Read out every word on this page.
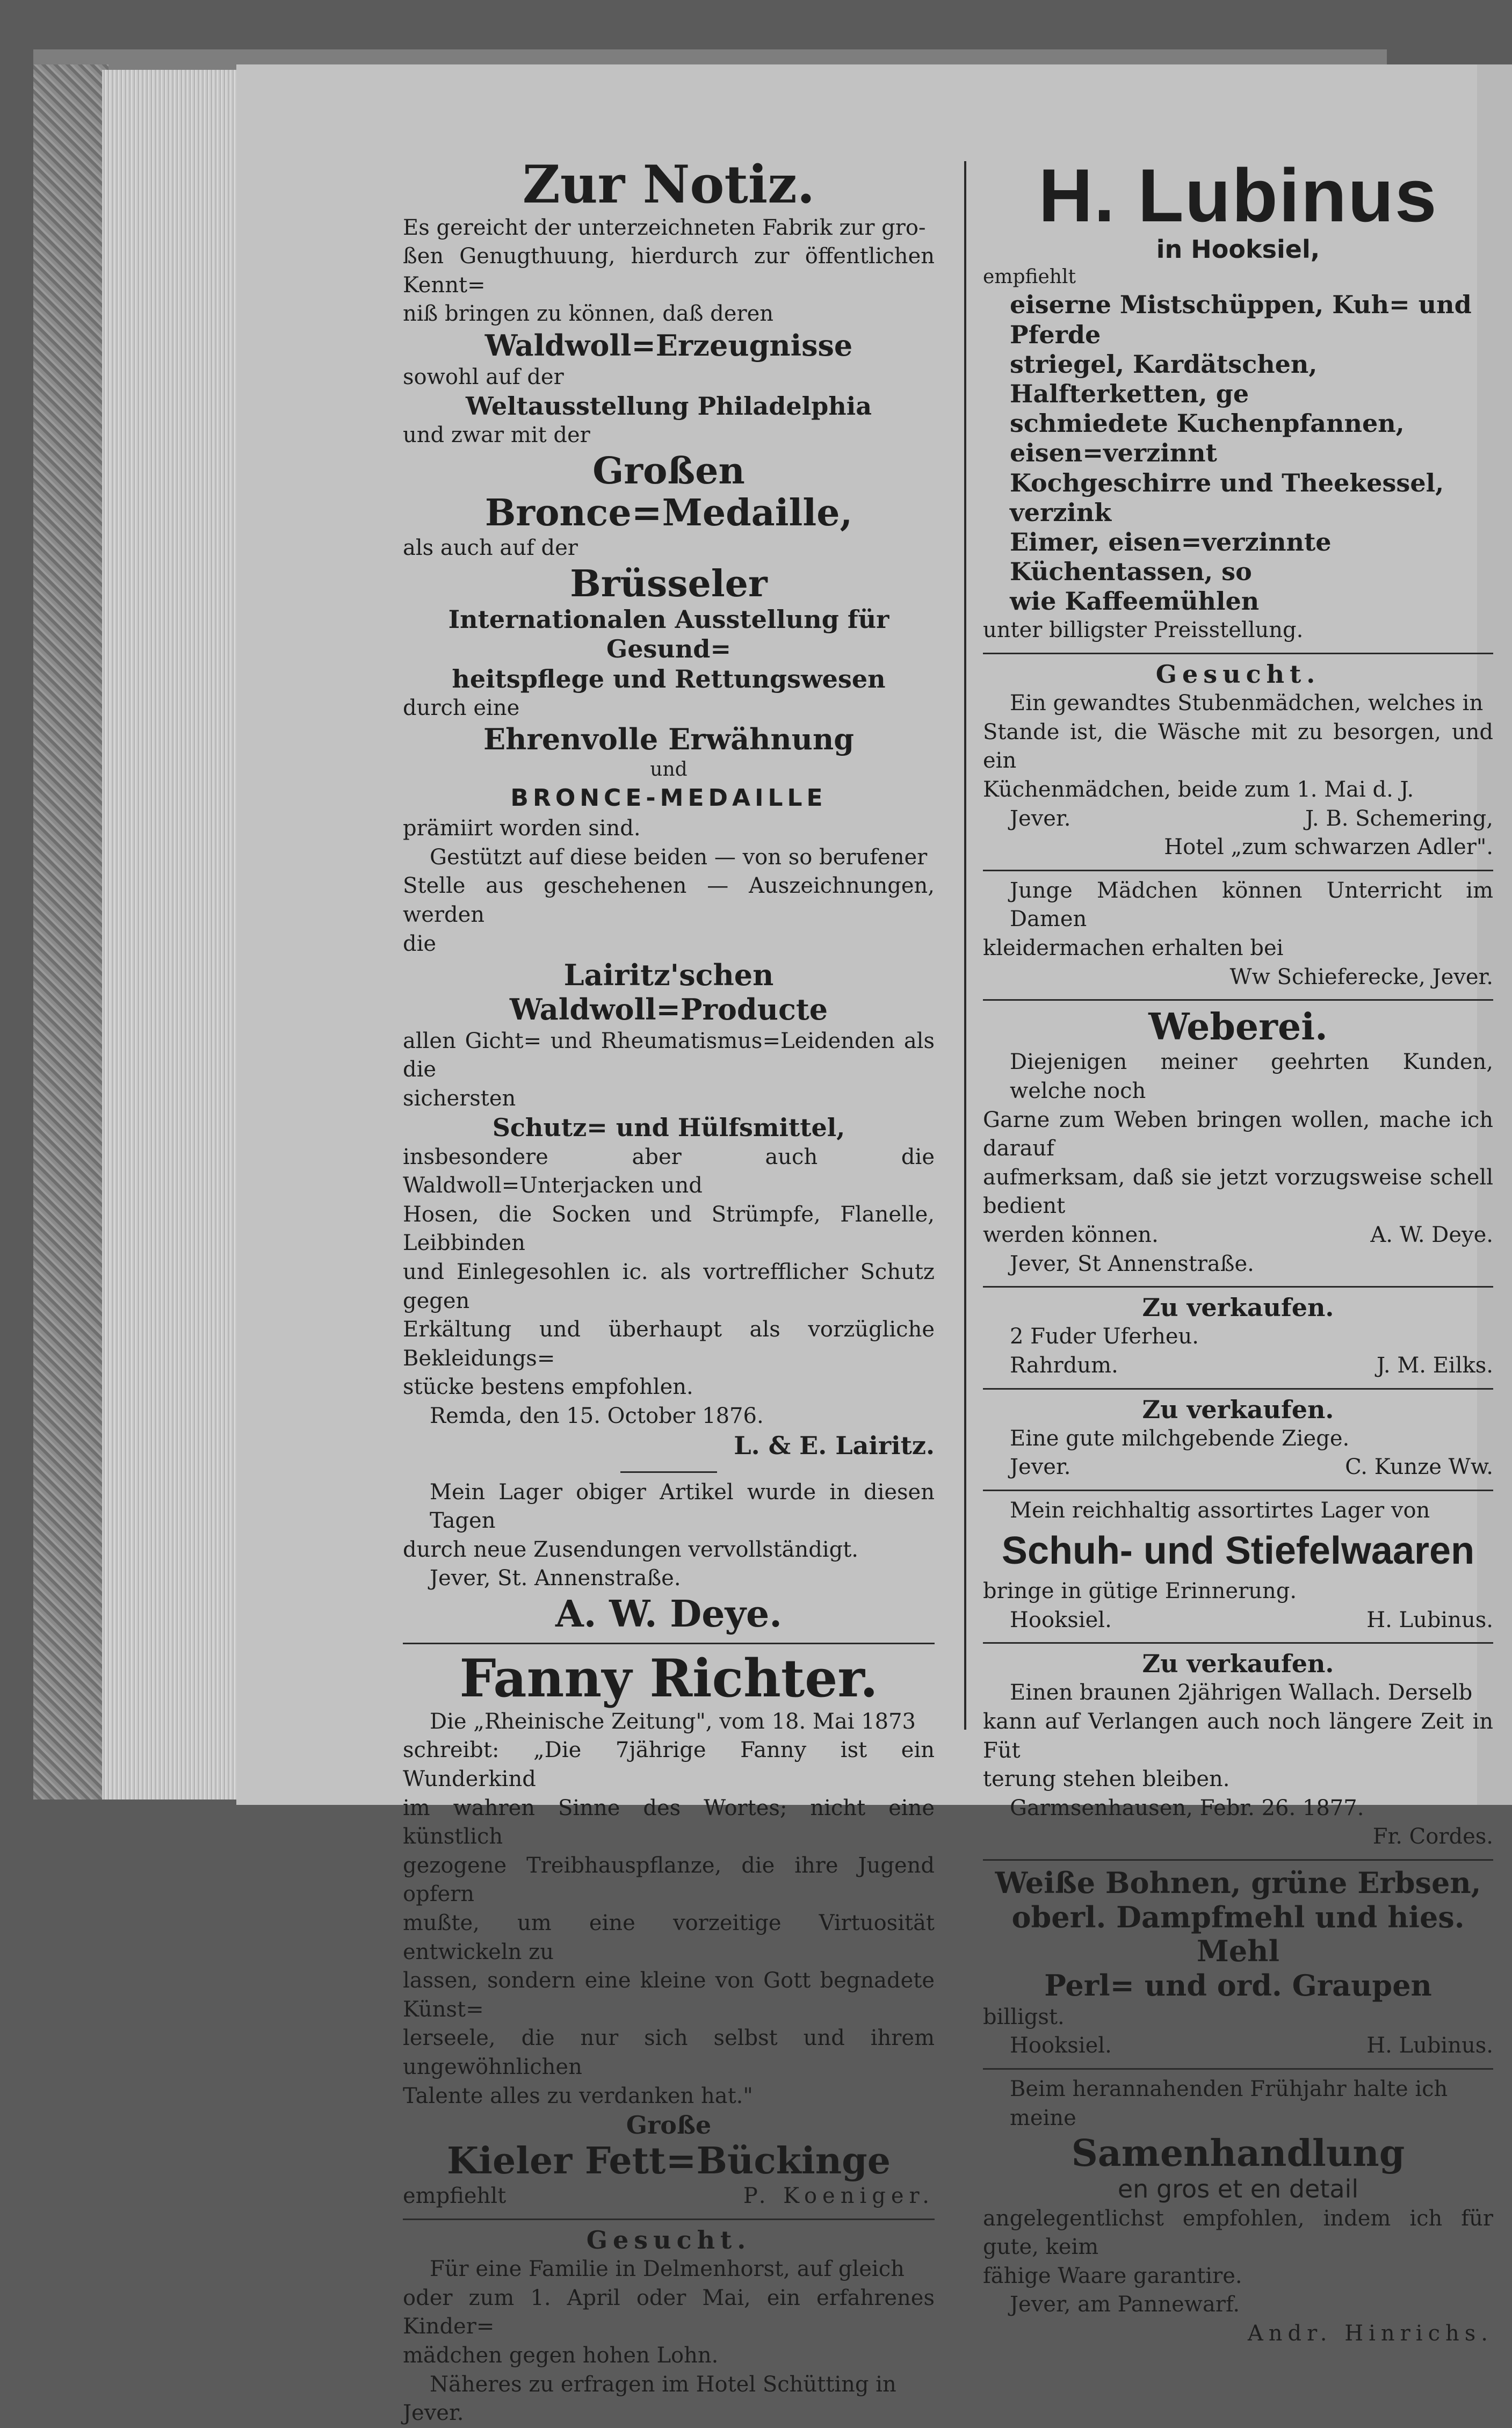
Zur Notiz.

Es gereicht der unterzeichneten Fabrik zur gro-

ßen Genugthuung, hierdurch zur öffentlichen Kennt=

niß bringen zu können, daß deren

Waldwoll=Erzeugnisse

sowohl auf der

Weltausstellung Philadelphia

und zwar mit der

Großen Bronce=Medaille,

als auch auf der

Brüsseler
Internationalen Ausstellung für Gesund=
heitspflege und Rettungswesen

durch eine

Ehrenvolle Erwähnung

und

BRONCE-MEDAILLE

prämiirt worden sind.

Gestützt auf diese beiden — von so berufener

Stelle aus geschehenen — Auszeichnungen, werden

die

Lairitz'schen Waldwoll=Producte

allen Gicht= und Rheumatismus=Leidenden als die

sichersten

Schutz= und Hülfsmittel,

insbesondere aber auch die Waldwoll=Unterjacken und

Hosen, die Socken und Strümpfe, Flanelle, Leibbinden

und Einlegesohlen ic. als vortrefflicher Schutz gegen

Erkältung und überhaupt als vorzügliche Bekleidungs=

stücke bestens empfohlen.

Remda, den 15. October 1876.

L. & E. Lairitz.

Mein Lager obiger Artikel wurde in diesen Tagen

durch neue Zusendungen vervollständigt.

Jever, St. Annenstraße.

A. W. Deye.
Fanny Richter.

Die „Rheinische Zeitung", vom 18. Mai 1873

schreibt: „Die 7jährige Fanny ist ein Wunderkind

im wahren Sinne des Wortes; nicht eine künstlich

gezogene Treibhauspflanze, die ihre Jugend opfern

mußte, um eine vorzeitige Virtuosität entwickeln zu

lassen, sondern eine kleine von Gott begnadete Künst=

lerseele, die nur sich selbst und ihrem ungewöhnlichen

Talente alles zu verdanken hat."

Große

Kieler Fett=Bückinge
empfiehlt	P. Koeniger.
Gesucht.

Für eine Familie in Delmenhorst, auf gleich

oder zum 1. April oder Mai, ein erfahrenes Kinder=

mädchen gegen hohen Lohn.

Näheres zu erfragen im Hotel Schütting in

Jever.

H. Lubinus
in Hooksiel,

empfiehlt

eiserne Mistschüppen, Kuh= und Pferde
striegel, Kardätschen, Halfterketten, ge
schmiedete Kuchenpfannen, eisen=verzinnt
Kochgeschirre und Theekessel, verzink
Eimer, eisen=verzinnte Küchentassen, so
wie Kaffeemühlen

unter billigster Preisstellung.

Gesucht.

Ein gewandtes Stubenmädchen, welches in

Stande ist, die Wäsche mit zu besorgen, und ein

Küchenmädchen, beide zum 1. Mai d. J.

Jever.	J. B. Schemering,

Hotel „zum schwarzen Adler".

Junge Mädchen können Unterricht im Damen

kleidermachen erhalten bei

Ww Schieferecke, Jever.

Weberei.

Diejenigen meiner geehrten Kunden, welche noch

Garne zum Weben bringen wollen, mache ich darauf

aufmerksam, daß sie jetzt vorzugsweise schell bedient

werden können.	A. W. Deye.

Jever, St Annenstraße.

Zu verkaufen.

2 Fuder Uferheu.

Rahrdum.	J. M. Eilks.
Zu verkaufen.

Eine gute milchgebende Ziege.

Jever.	C. Kunze Ww.

Mein reichhaltig assortirtes Lager von

Schuh- und Stiefelwaaren

bringe in gütige Erinnerung.

Hooksiel.	H. Lubinus.
Zu verkaufen.

Einen braunen 2jährigen Wallach. Derselb

kann auf Verlangen auch noch längere Zeit in Füt

terung stehen bleiben.

Garmsenhausen, Febr. 26. 1877.

Fr. Cordes.

Weiße Bohnen, grüne Erbsen,
oberl. Dampfmehl und hies. Mehl
Perl= und ord. Graupen

billigst.

Hooksiel.	H. Lubinus.

Beim herannahenden Frühjahr halte ich meine

Samenhandlung
en gros et en detail

angelegentlichst empfohlen, indem ich für gute, keim

fähige Waare garantire.

Jever, am Pannewarf.

Andr. Hinrichs.
